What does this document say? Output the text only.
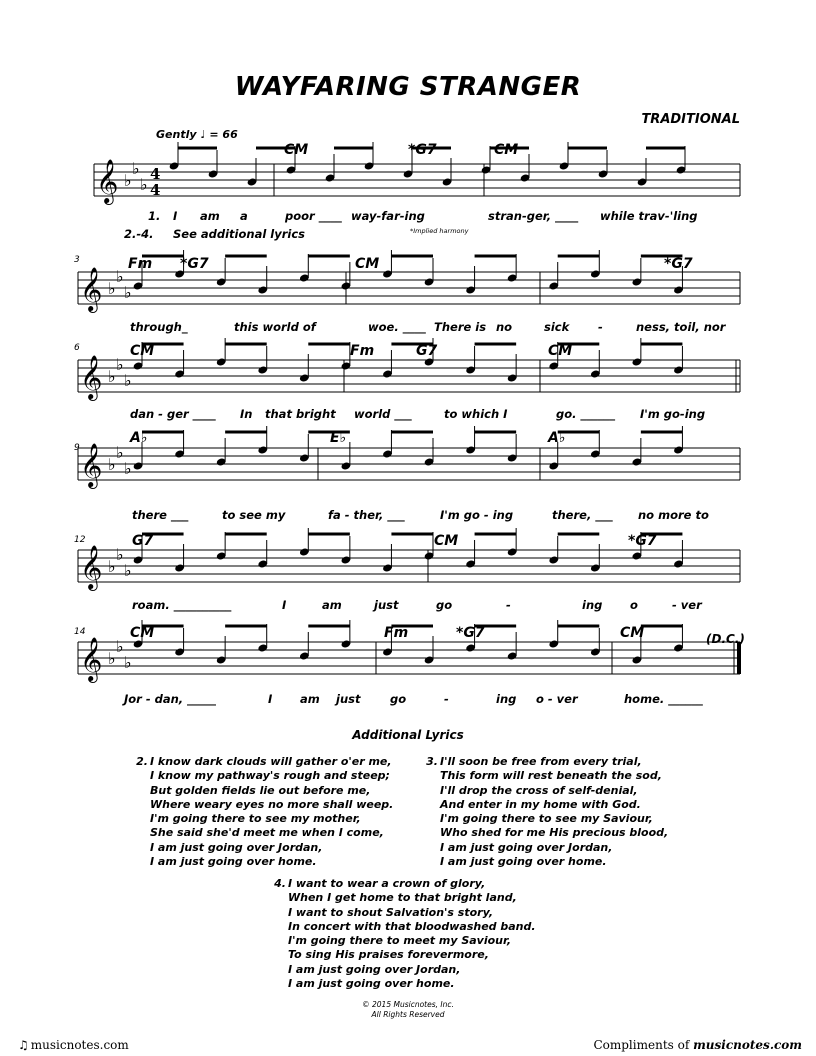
WAYFARING STRANGER
TRADITIONAL
Gently ♩ = 66
𝄞 ♭
♭
♭
4
4
𝄞 ♭
♭
♭
𝄞 ♭
♭
♭
𝄞 ♭
♭
♭
𝄞 ♭
♭
♭
𝄞 ♭
♭
♭
CM	*G7	CM
1. I am a	poor ____ way-far-ing	stran-ger, ____ while trav-'ling
2.-4. See additional lyrics	*Implied harmony
3	Fm *G7	CM	*G7
through_	this world of	woe. ____ There is no	sick -	ness, toil, nor
6	CM	Fm	G7	CM
dan - ger ____ In that bright world ___	to which I	go. ______ I'm go-ing
9
A♭	E♭	A♭
there ___	to see my	fa - ther, ___	I'm go - ing	there, ___ no more to
12	G7	CM	*G7
roam. __________	I	am	just	go	-	ing o	- ver
14	CM	Fm	*G7	CM	(D.C.)
Jor - dan, _____	I am just	go	-	ing o - ver	home. ______
Additional Lyrics
2. I know dark clouds will gather o'er me,
I know my pathway's rough and steep;
But golden fields lie out before me,
Where weary eyes no more shall weep.
I'm going there to see my mother,
She said she'd meet me when I come,
I am just going over Jordan,
I am just going over home.
3. I'll soon be free from every trial,
This form will rest beneath the sod,
I'll drop the cross of self-denial,
And enter in my home with God.
I'm going there to see my Saviour,
Who shed for me His precious blood,
I am just going over Jordan,
I am just going over home.
4. I want to wear a crown of glory,
When I get home to that bright land,
I want to shout Salvation's story,
In concert with that bloodwashed band.
I'm going there to meet my Saviour,
To sing His praises forevermore,
I am just going over Jordan,
I am just going over home.
© 2015 Musicnotes, Inc.
All Rights Reserved
♫ musicnotes.com	Compliments of musicnotes.com
